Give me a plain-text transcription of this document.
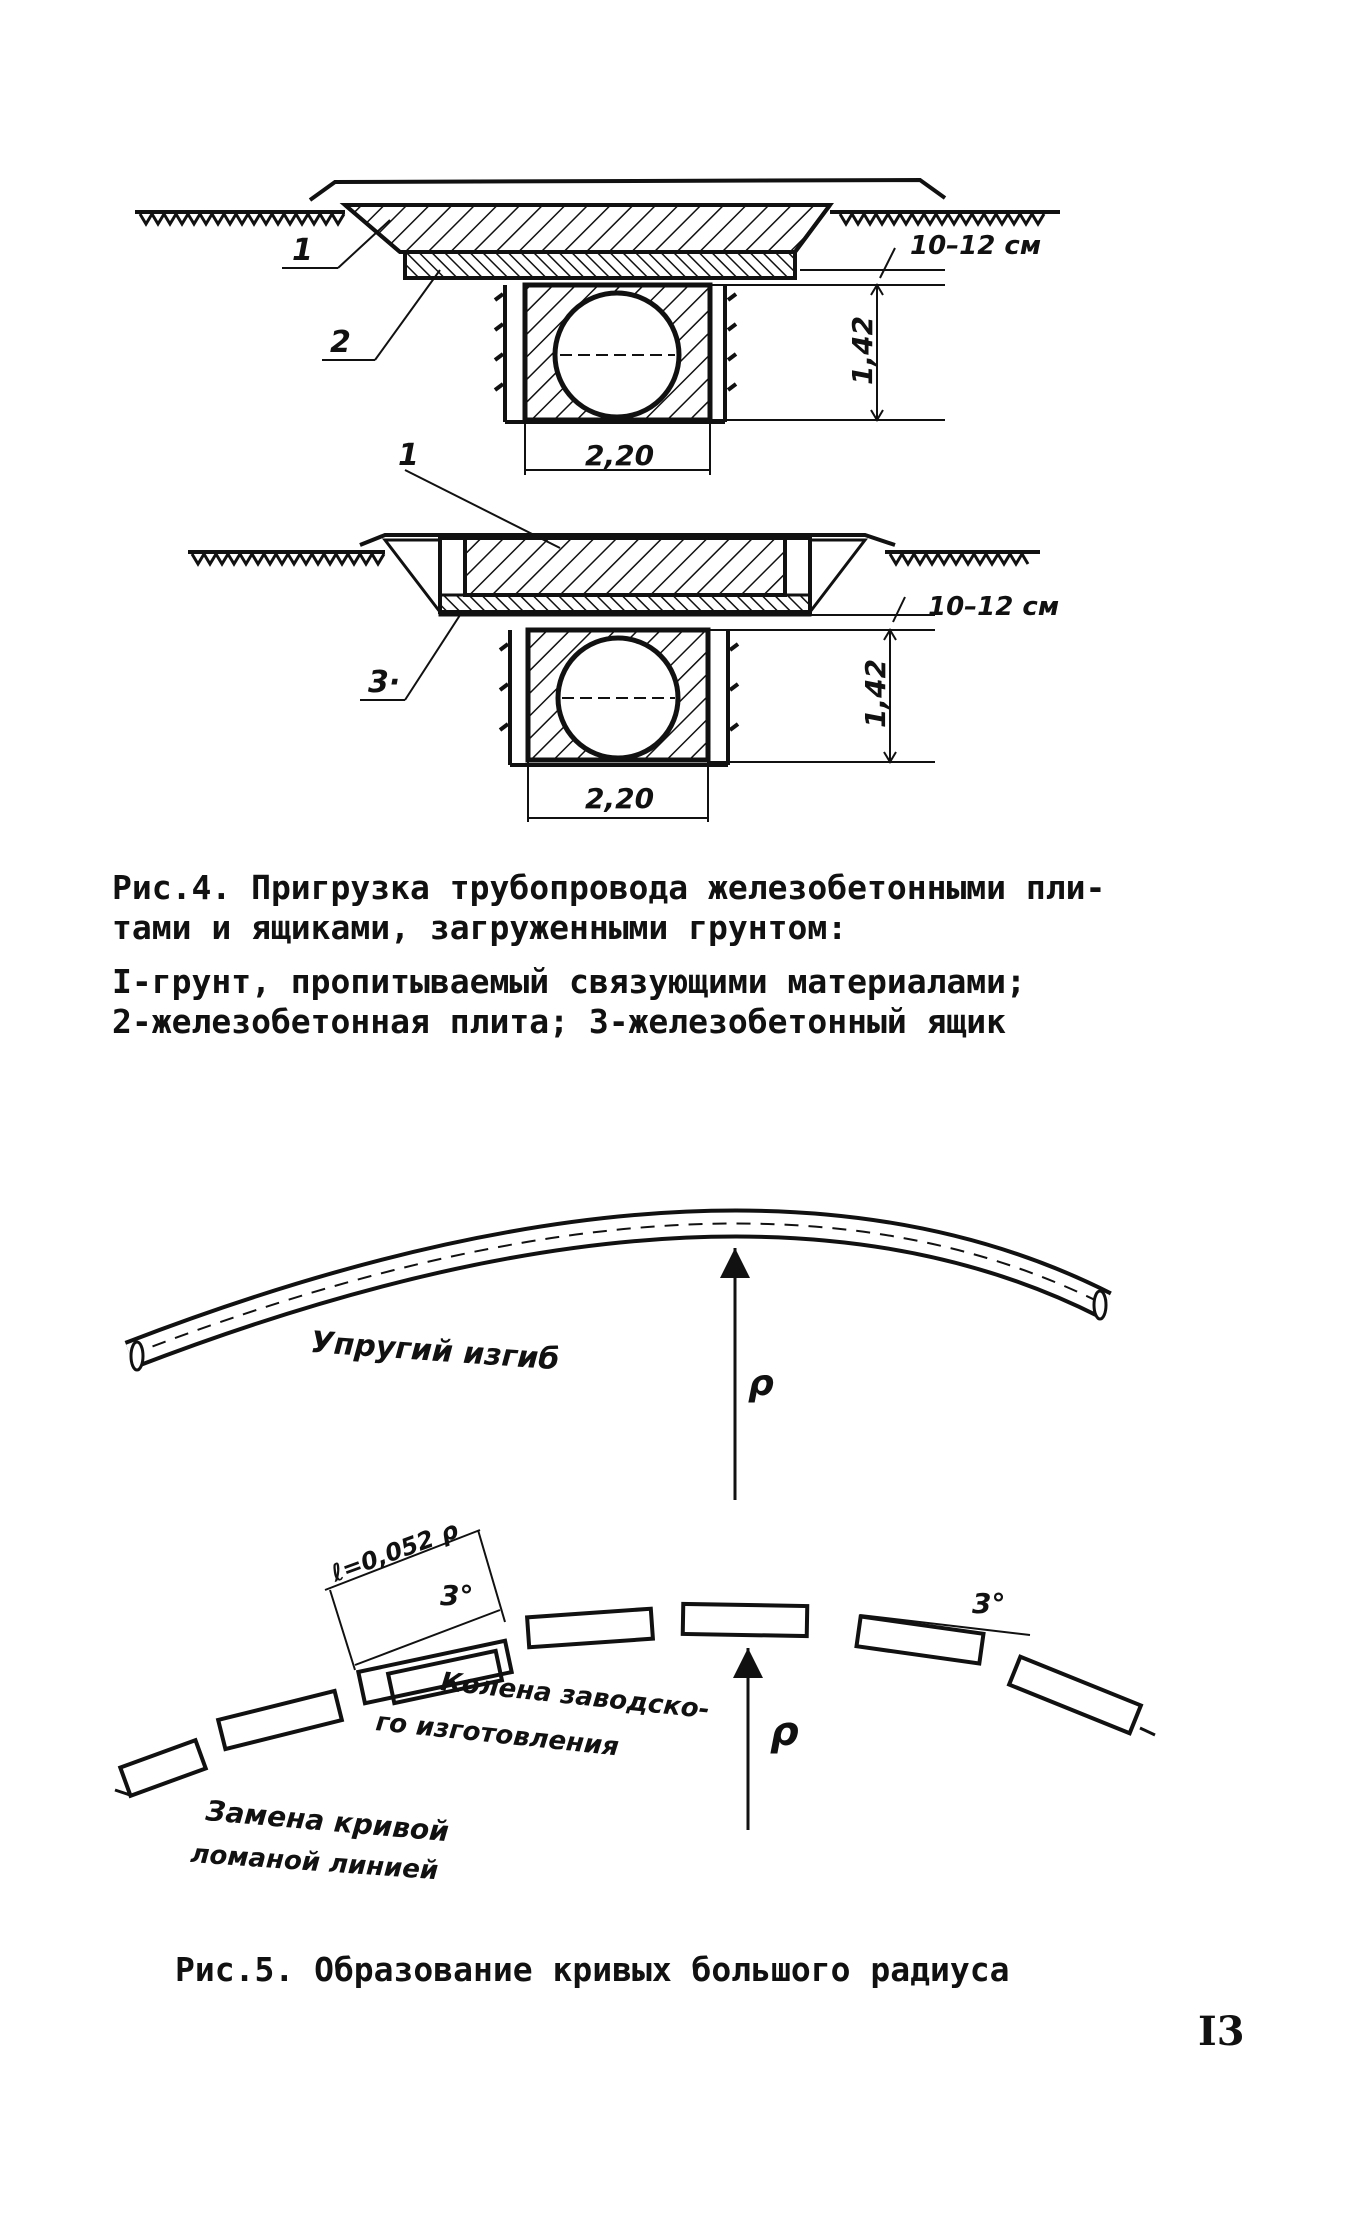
1
2
10–12 см
1,42
2,20
1
3·
10–12 см
1,42
2,20
Упругий изгиб
ρ
ℓ=0,052 ρ
3°	3°
ρ
Колена заводско-
го изготовления
Замена кривой
ломаной линией
Рис.4. Пригрузка трубопровода железобетонными пли-
тами и ящиками, загруженными грунтом:
I-грунт, пропитываемый связующими материалами;
2-железобетонная плита; 3-железобетонный ящик
Рис.5. Образование кривых большого радиуса
I3
